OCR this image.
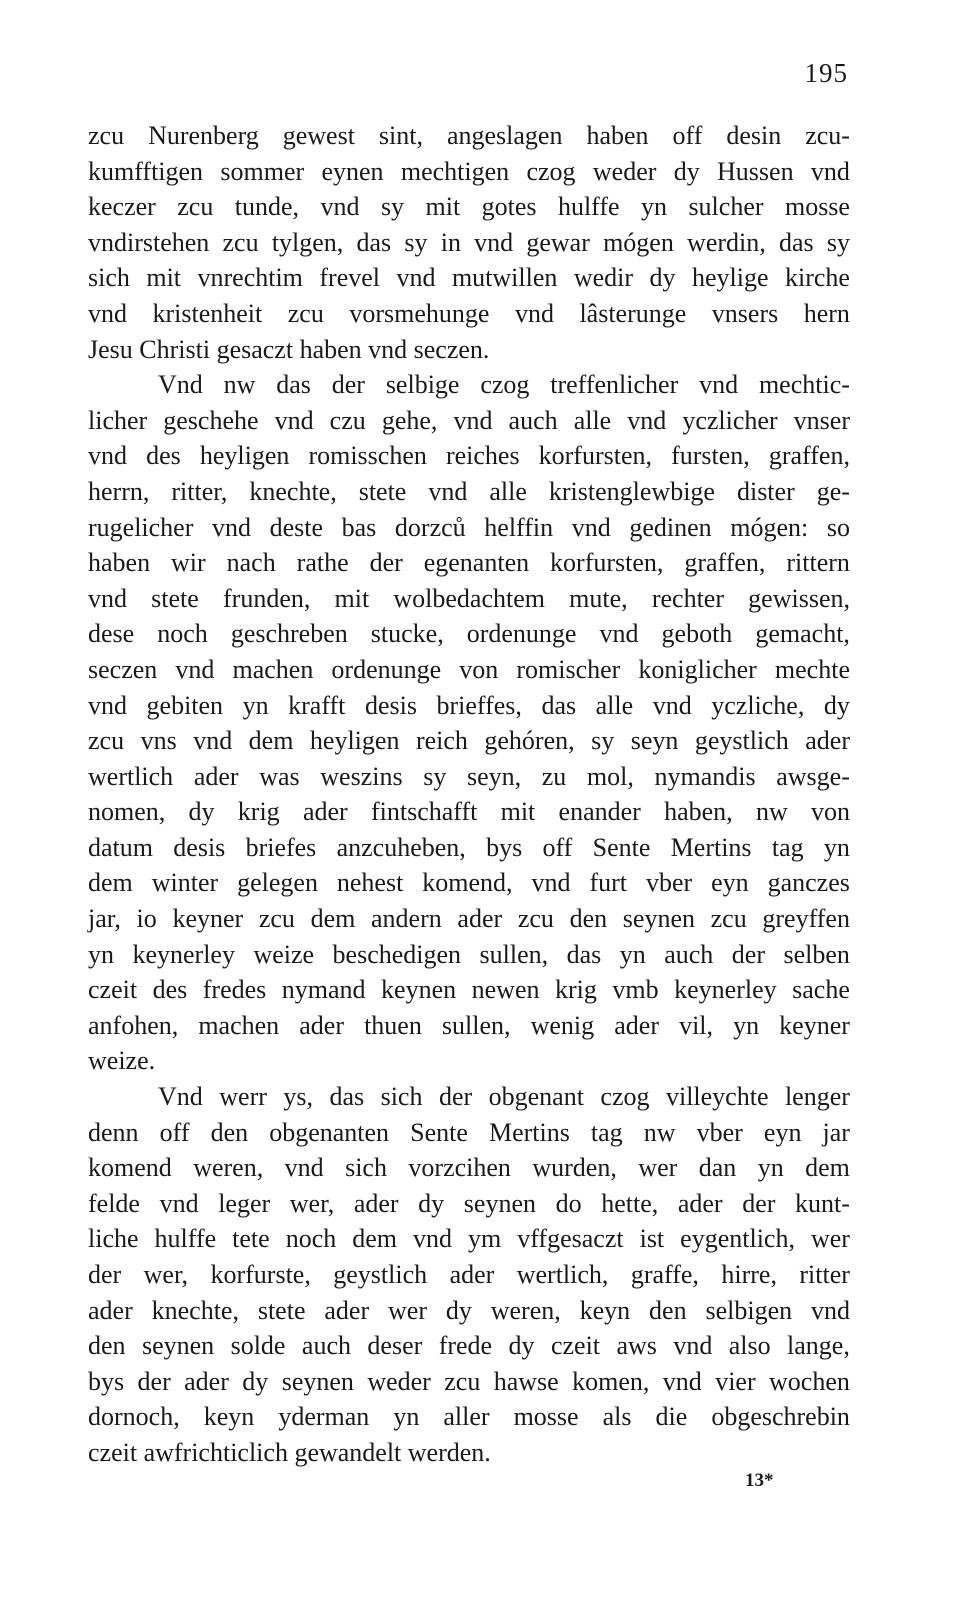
195
zcu Nurenberg gewest sint, angeslagen haben off desin zcu-
kumfftigen sommer eynen mechtigen czog weder dy Hussen vnd
keczer zcu tunde, vnd sy mit gotes hulffe yn sulcher mosse
vndirstehen zcu tylgen, das sy in vnd gewar mógen werdin, das sy
sich mit vnrechtim frevel vnd mutwillen wedir dy heylige kirche
vnd kristenheit zcu vorsmehunge vnd lâsterunge vnsers hern
Jesu Christi gesaczt haben vnd seczen.
Vnd nw das der selbige czog treffenlicher vnd mechtic-
licher geschehe vnd czu gehe, vnd auch alle vnd yczlicher vnser
vnd des heyligen romisschen reiches korfursten, fursten, graffen,
herrn, ritter, knechte, stete vnd alle kristenglewbige dister ge-
rugelicher vnd deste bas dorzců helffin vnd gedinen mógen: so
haben wir nach rathe der egenanten korfursten, graffen, rittern
vnd stete frunden, mit wolbedachtem mute, rechter gewissen,
dese noch geschreben stucke, ordenunge vnd geboth gemacht,
seczen vnd machen ordenunge von romischer koniglicher mechte
vnd gebiten yn krafft desis brieffes, das alle vnd yczliche, dy
zcu vns vnd dem heyligen reich gehóren, sy seyn geystlich ader
wertlich ader was weszins sy seyn, zu mol, nymandis awsge-
nomen, dy krig ader fintschafft mit enander haben, nw von
datum desis briefes anzcuheben, bys off Sente Mertins tag yn
dem winter gelegen nehest komend, vnd furt vber eyn ganczes
jar, io keyner zcu dem andern ader zcu den seynen zcu greyffen
yn keynerley weize beschedigen sullen, das yn auch der selben
czeit des fredes nymand keynen newen krig vmb keynerley sache
anfohen, machen ader thuen sullen, wenig ader vil, yn keyner
weize.
Vnd werr ys, das sich der obgenant czog villeychte lenger
denn off den obgenanten Sente Mertins tag nw vber eyn jar
komend weren, vnd sich vorzcihen wurden, wer dan yn dem
felde vnd leger wer, ader dy seynen do hette, ader der kunt-
liche hulffe tete noch dem vnd ym vffgesaczt ist eygentlich, wer
der wer, korfurste, geystlich ader wertlich, graffe, hirre, ritter
ader knechte, stete ader wer dy weren, keyn den selbigen vnd
den seynen solde auch deser frede dy czeit aws vnd also lange,
bys der ader dy seynen weder zcu hawse komen, vnd vier wochen
dornoch, keyn yderman yn aller mosse als die obgeschrebin
czeit awfrichticlich gewandelt werden.
13*
